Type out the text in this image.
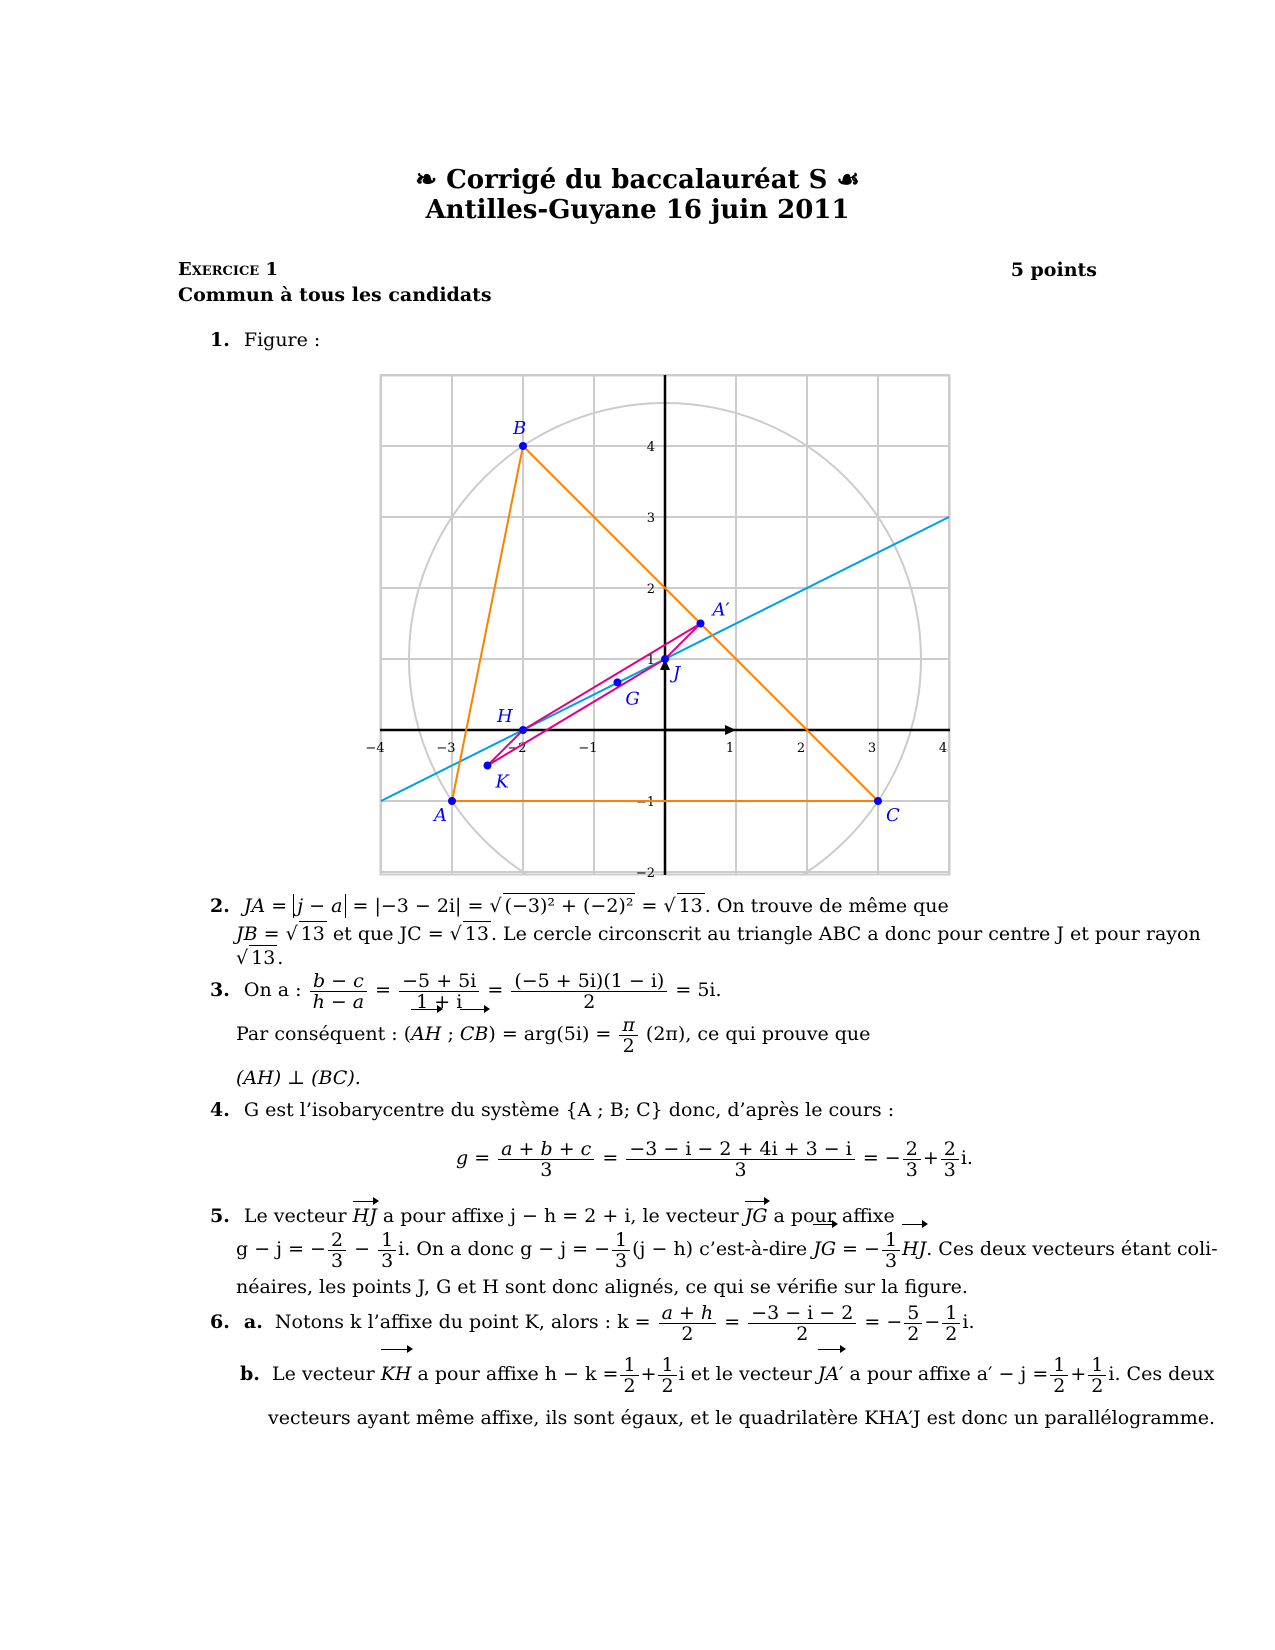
❧ Corrigé du baccalauréat S ☙
Antilles-Guyane 16 juin 2011
Exercice 1	5 points
Commun à tous les candidats
1. Figure :
−4	−3	−2	−1	1	2	3	4
−2
−1
1
2
3
4
A
B
C
A′
J
G
H
K
2. JA = j − a = |−3 − 2i| = √ (−3)² + (−2)² = √ 13 . On trouve de même que
JB = √ 13 et que JC = √ 13 . Le cercle circonscrit au triangle ABC a donc pour centre J et pour rayon
√ 13 .
3. On a : $\frac{b - c}{h - a} = \frac{-5 + 5i}{1 + i} = \frac{(-5 + 5i)(1 - i)}{2} = 5i$.
Par conséquent : (AH ; $CB) = arg(5i) = \frac{\pi}{2} (2\pi)$, ce qui prouve que
(AH) ⊥ (BC).
4. G est l’isobarycentre du système {A ; B; C} donc, d’après le cours :
$g = \frac{a + b + c}{3} = \frac{-3 - i - 2 + 4i + 3 - i}{3}$ = − $\frac{2}{3} + \frac{2}{3} i$.
5. Le vecteur HJ a pour affixe j − h = 2 + i, le vecteur JG a pour affixe
g − j = − $\frac{2}{3} - \frac{1}{3} i$. On a donc g − j = − $\frac{1}{3} (j - h)$ c’est-à-dire JG = − $\frac{1}{3}$ HJ. Ces deux vecteurs étant coli-
néaires, les points J, G et H sont donc alignés, ce qui se vérifie sur la figure.
6. a. Notons k l’affixe du point K, alors : $k = \frac{a + h}{2} = \frac{-3 - i - 2}{2}$ = − $\frac{5}{2} - \frac{1}{2} i$.
b. Le vecteur KH a pour affixe $h - k = \frac{1}{2} + \frac{1}{2}$ i et le vecteur JA′ a pour affixe $a' - j = \frac{1}{2} + \frac{1}{2} i$. Ces deux
vecteurs ayant même affixe, ils sont égaux, et le quadrilatère KHA′J est donc un parallélogramme.
